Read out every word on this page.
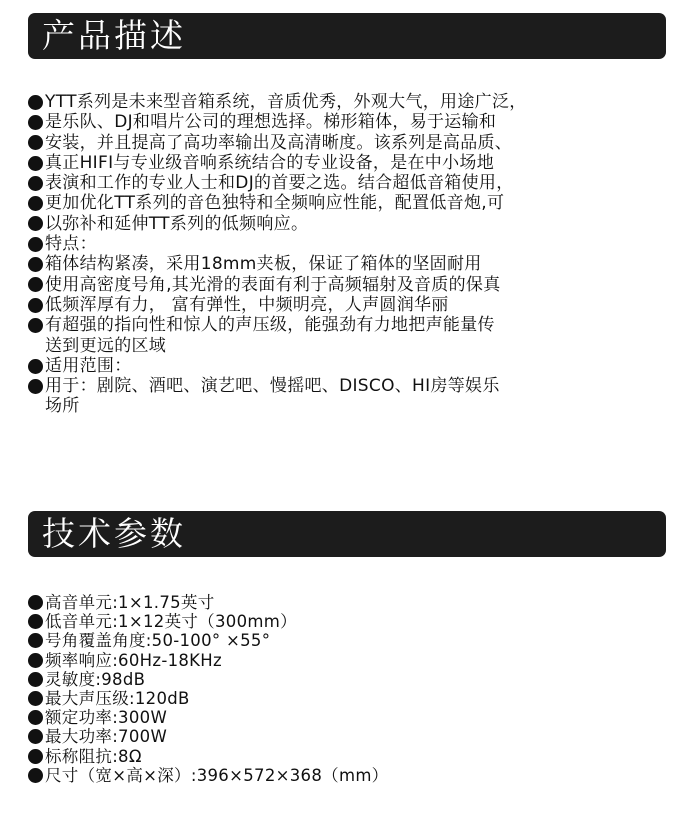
产品描述
YTT系列是未来型音箱系统，音质优秀，外观大气，用途广泛，
是乐队、DJ和唱片公司的理想选择。梯形箱体，易于运输和
安装，并且提高了高功率输出及高清晰度。该系列是高品质、
真正HIFI与专业级音响系统结合的专业设备，是在中小场地
表演和工作的专业人士和DJ的首要之选。结合超低音箱使用，
更加优化TT系列的音色独特和全频响应性能，配置低音炮,可
以弥补和延伸TT系列的低频响应。
特点：
箱体结构紧凑，采用18mm夹板，保证了箱体的坚固耐用
使用高密度号角,其光滑的表面有利于高频辐射及音质的保真
低频浑厚有力， 富有弹性，中频明亮，人声圆润华丽
有超强的指向性和惊人的声压级，能强劲有力地把声能量传
送到更远的区域
适用范围：
用于：剧院、酒吧、演艺吧、慢摇吧、DISCO、HI房等娱乐
场所
技术参数
高音单元:1×1.75英寸
低音单元:1×12英寸（300mm）
号角覆盖角度:50-100° ×55°
频率响应:60Hz-18KHz
灵敏度:98dB
最大声压级:120dB
额定功率:300W
最大功率:700W
标称阻抗:8Ω
尺寸（宽×高×深）:396×572×368（mm）
